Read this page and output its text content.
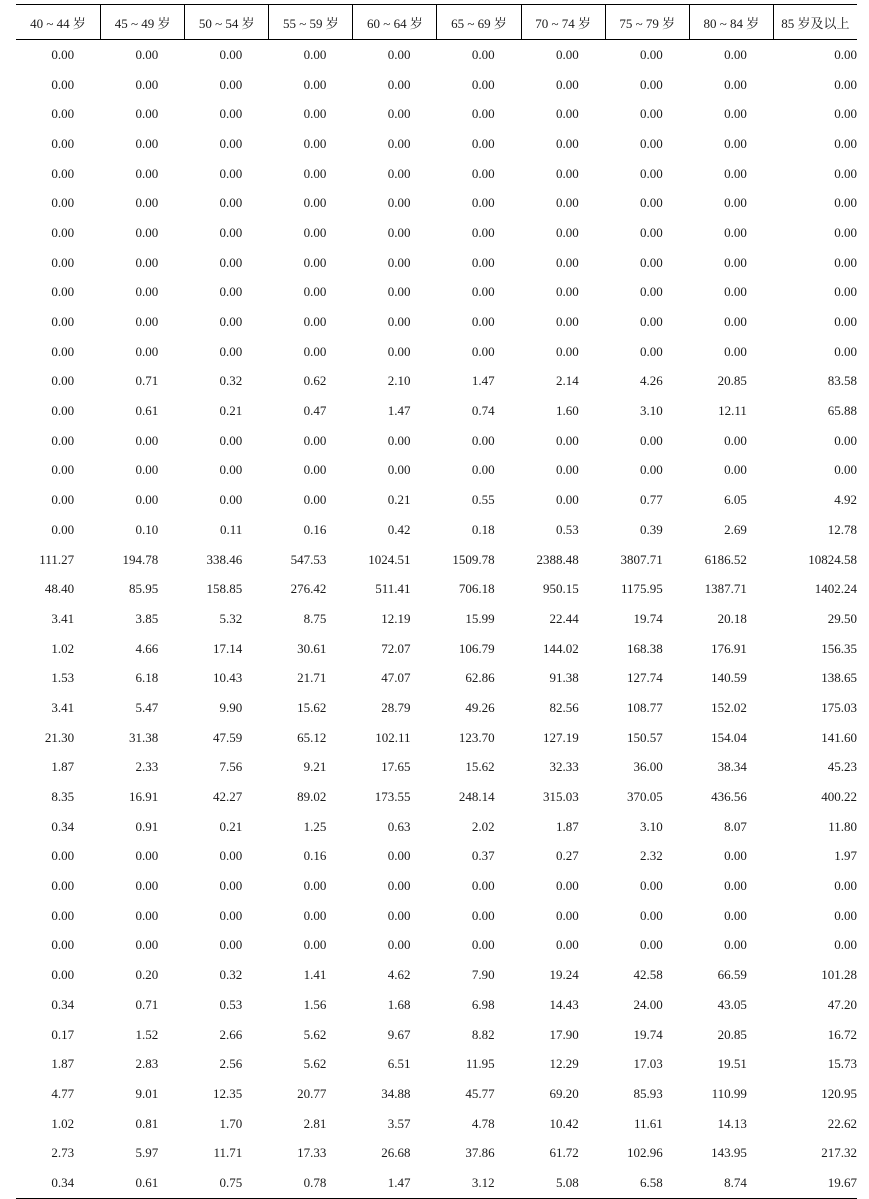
40 ~ 44 岁	45 ~ 49 岁	50 ~ 54 岁	55 ~ 59 岁	60 ~ 64 岁	65 ~ 69 岁	70 ~ 74 岁	75 ~ 79 岁	80 ~ 84 岁	85 岁及以上
0.00	0.00	0.00	0.00	0.00	0.00	0.00	0.00	0.00	0.00
0.00	0.00	0.00	0.00	0.00	0.00	0.00	0.00	0.00	0.00
0.00	0.00	0.00	0.00	0.00	0.00	0.00	0.00	0.00	0.00
0.00	0.00	0.00	0.00	0.00	0.00	0.00	0.00	0.00	0.00
0.00	0.00	0.00	0.00	0.00	0.00	0.00	0.00	0.00	0.00
0.00	0.00	0.00	0.00	0.00	0.00	0.00	0.00	0.00	0.00
0.00	0.00	0.00	0.00	0.00	0.00	0.00	0.00	0.00	0.00
0.00	0.00	0.00	0.00	0.00	0.00	0.00	0.00	0.00	0.00
0.00	0.00	0.00	0.00	0.00	0.00	0.00	0.00	0.00	0.00
0.00	0.00	0.00	0.00	0.00	0.00	0.00	0.00	0.00	0.00
0.00	0.00	0.00	0.00	0.00	0.00	0.00	0.00	0.00	0.00
0.00	0.71	0.32	0.62	2.10	1.47	2.14	4.26	20.85	83.58
0.00	0.61	0.21	0.47	1.47	0.74	1.60	3.10	12.11	65.88
0.00	0.00	0.00	0.00	0.00	0.00	0.00	0.00	0.00	0.00
0.00	0.00	0.00	0.00	0.00	0.00	0.00	0.00	0.00	0.00
0.00	0.00	0.00	0.00	0.21	0.55	0.00	0.77	6.05	4.92
0.00	0.10	0.11	0.16	0.42	0.18	0.53	0.39	2.69	12.78
111.27	194.78	338.46	547.53	1024.51	1509.78	2388.48	3807.71	6186.52	10824.58
48.40	85.95	158.85	276.42	511.41	706.18	950.15	1175.95	1387.71	1402.24
3.41	3.85	5.32	8.75	12.19	15.99	22.44	19.74	20.18	29.50
1.02	4.66	17.14	30.61	72.07	106.79	144.02	168.38	176.91	156.35
1.53	6.18	10.43	21.71	47.07	62.86	91.38	127.74	140.59	138.65
3.41	5.47	9.90	15.62	28.79	49.26	82.56	108.77	152.02	175.03
21.30	31.38	47.59	65.12	102.11	123.70	127.19	150.57	154.04	141.60
1.87	2.33	7.56	9.21	17.65	15.62	32.33	36.00	38.34	45.23
8.35	16.91	42.27	89.02	173.55	248.14	315.03	370.05	436.56	400.22
0.34	0.91	0.21	1.25	0.63	2.02	1.87	3.10	8.07	11.80
0.00	0.00	0.00	0.16	0.00	0.37	0.27	2.32	0.00	1.97
0.00	0.00	0.00	0.00	0.00	0.00	0.00	0.00	0.00	0.00
0.00	0.00	0.00	0.00	0.00	0.00	0.00	0.00	0.00	0.00
0.00	0.00	0.00	0.00	0.00	0.00	0.00	0.00	0.00	0.00
0.00	0.20	0.32	1.41	4.62	7.90	19.24	42.58	66.59	101.28
0.34	0.71	0.53	1.56	1.68	6.98	14.43	24.00	43.05	47.20
0.17	1.52	2.66	5.62	9.67	8.82	17.90	19.74	20.85	16.72
1.87	2.83	2.56	5.62	6.51	11.95	12.29	17.03	19.51	15.73
4.77	9.01	12.35	20.77	34.88	45.77	69.20	85.93	110.99	120.95
1.02	0.81	1.70	2.81	3.57	4.78	10.42	11.61	14.13	22.62
2.73	5.97	11.71	17.33	26.68	37.86	61.72	102.96	143.95	217.32
0.34	0.61	0.75	0.78	1.47	3.12	5.08	6.58	8.74	19.67
